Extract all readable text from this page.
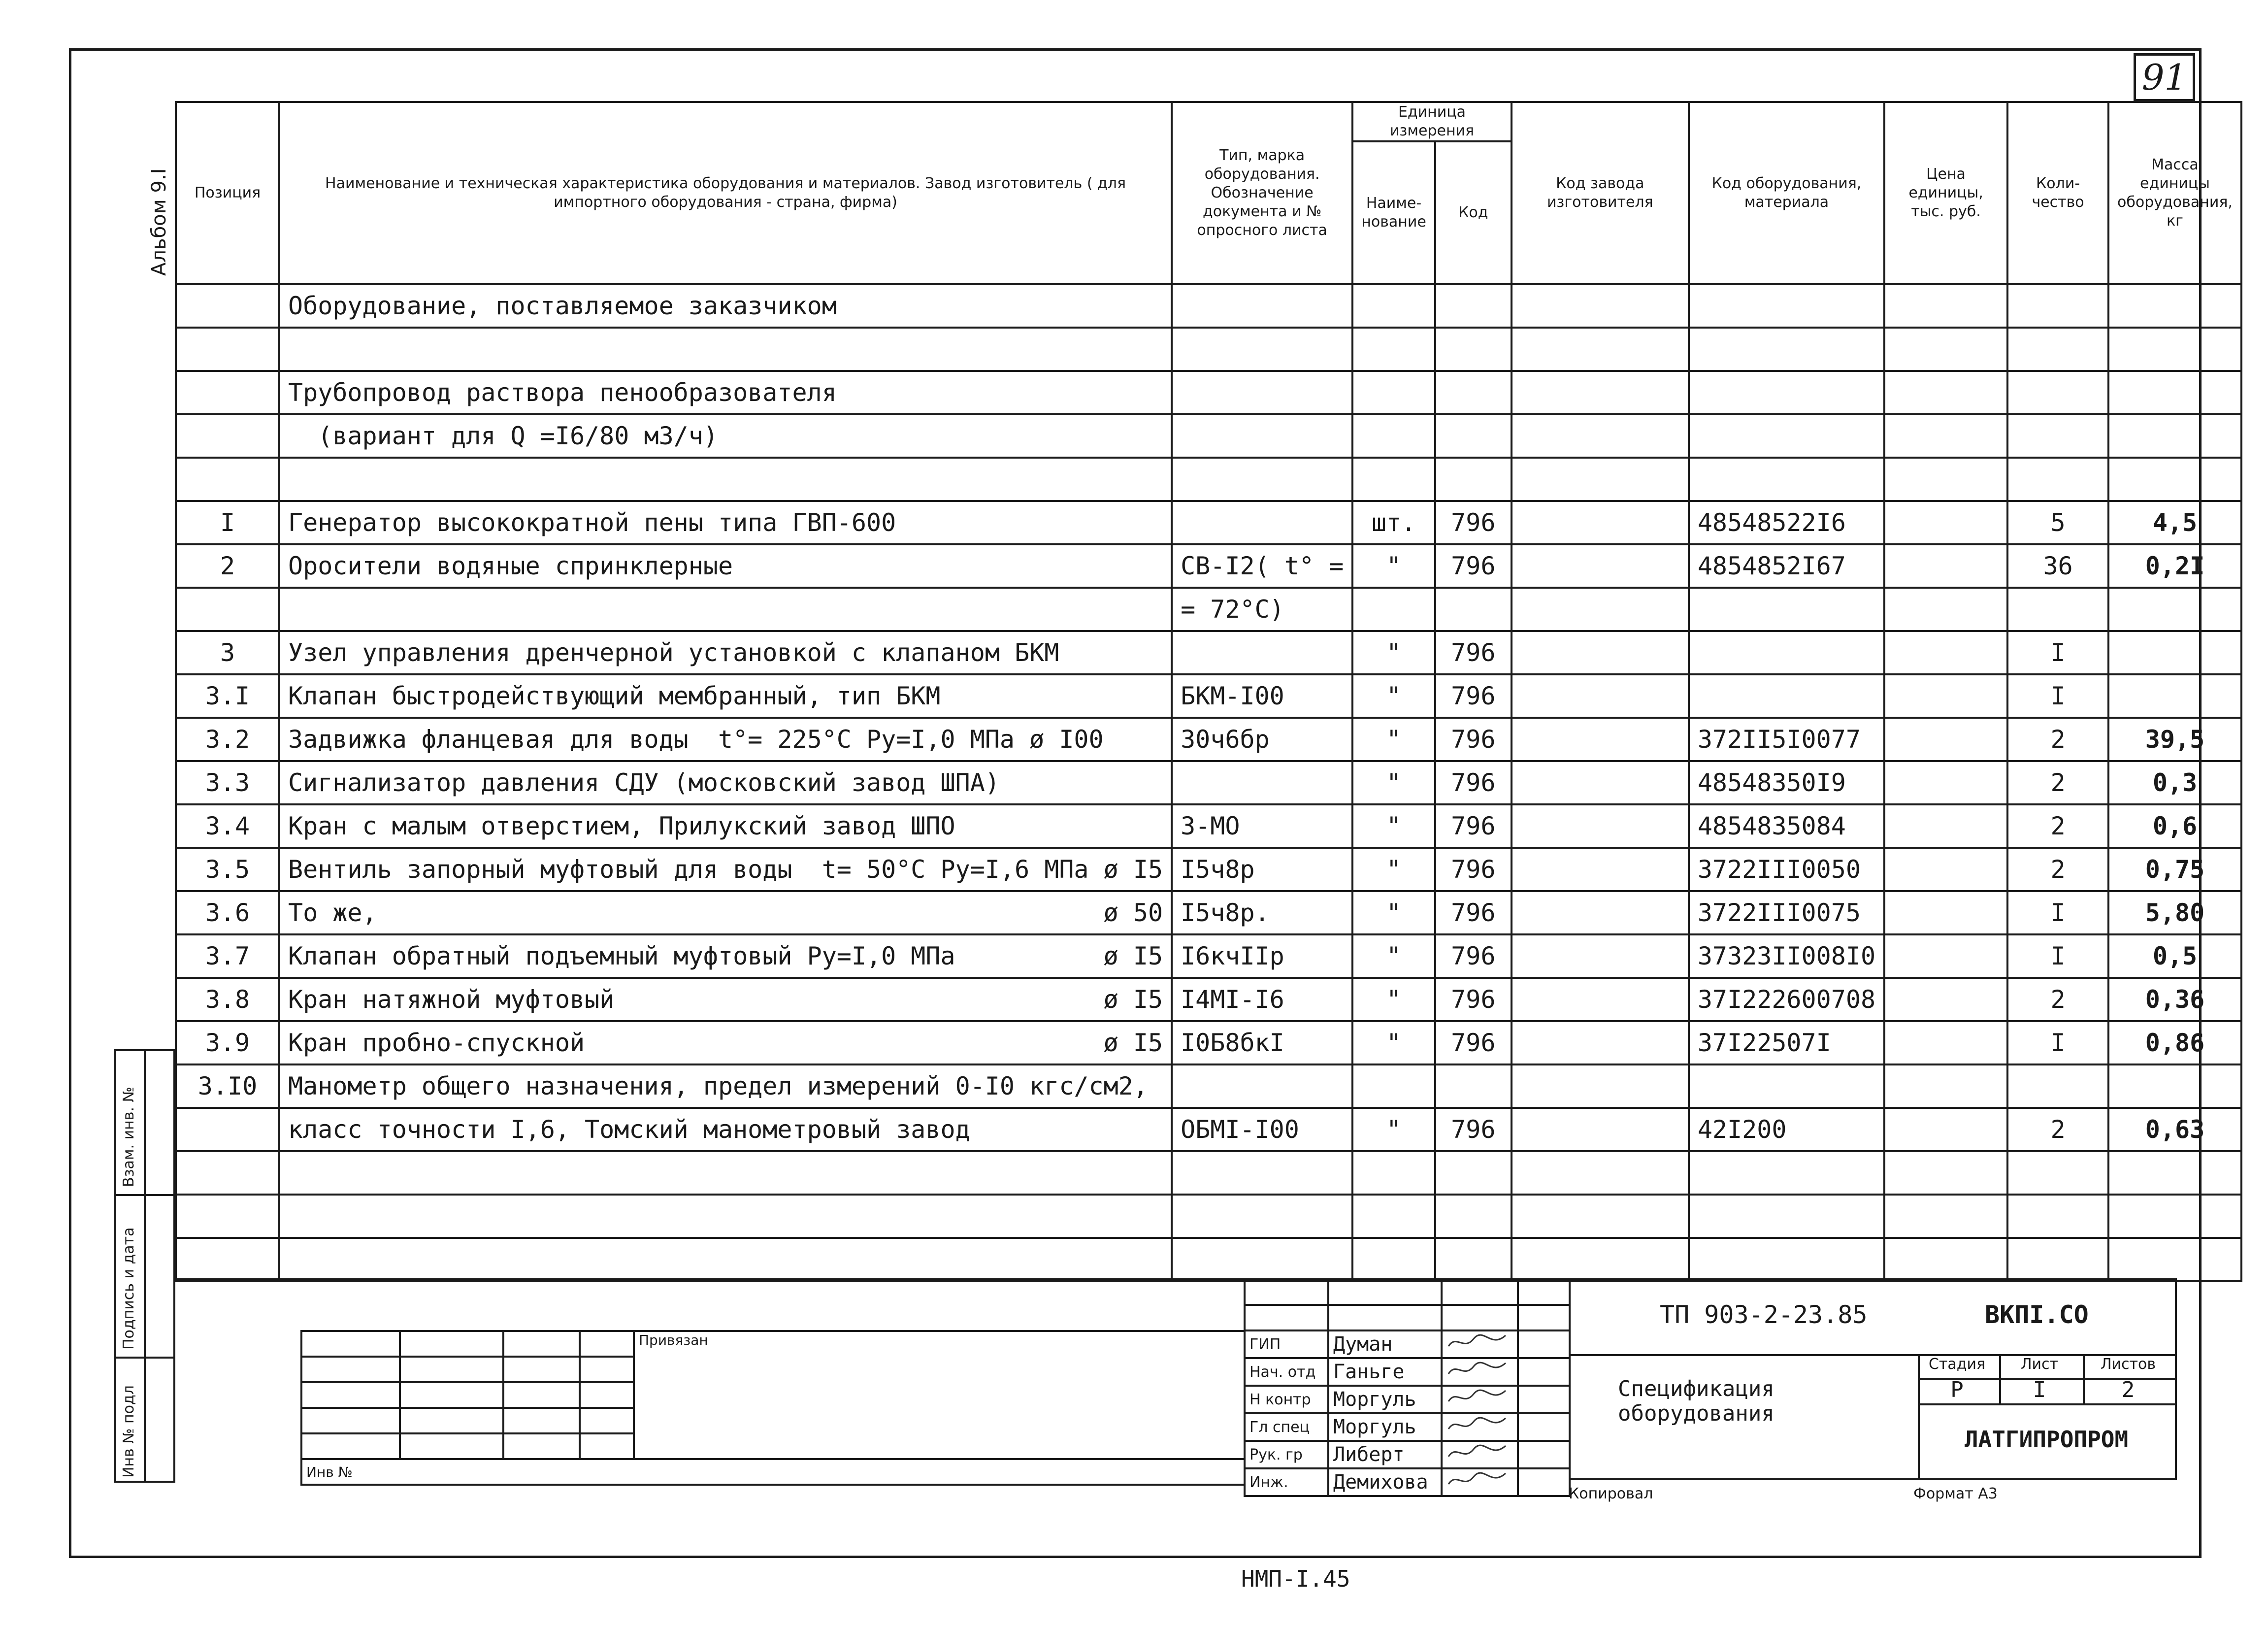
91
Альбом 9.I
Взам. инв. №
Подпись и дата
Инв № подл
Позиция	Наименование и техническая характеристика оборудования и материалов. Завод изготовитель ( для импортного оборудования - страна, фирма)	Тип, марка оборудования. Обозначение документа и № опросного листа	Единица измерения		Код завода изготовителя	Код оборудования, материала	Цена единицы, тыс. руб.	Коли- чество	Масса единицы оборудования, кг
			Наиме- нование	Код					
	Оборудование, поставляемое заказчиком								

	Трубопровод раствора пенообразователя								
	(вариант для Q =I6/80 м3/ч)								

I	Генератор высокократной пены типа ГВП-600		шт.	796		48548522I6		5	4,5
2	Оросители водяные спринклерные	СВ-I2( t° =	"	796		4854852I67		36	0,2I
		= 72°С)							
3	Узел управления дренчерной установкой с клапаном БКМ		"	796				I	
3.I	Клапан быстродействующий мембранный, тип БКМ	БКМ-I00	"	796				I	
3.2	Задвижка фланцевая для воды  t°= 225°С Ру=I,0 МПа ø I00	30ч6бр	"	796		372II5I0077		2	39,5
3.3	Сигнализатор давления СДУ (московский завод ШПА)		"	796		48548350I9		2	0,3
3.4	Кран с малым отверстием, Прилукский завод ШПО	З-МО	"	796		4854835084		2	0,6
3.5	Вентиль запорный муфтовый для воды  t= 50°С Ру=I,6 МПа ø I5	I5ч8р	"	796		3722III0050		2	0,75
3.6	То же, ø 50	I5ч8р.	"	796		3722III0075		I	5,80
3.7	Клапан обратный подъемный муфтовый Ру=I,0 МПа ø I5	I6кчIIр	"	796		37323II008I0		I	0,5
3.8	Кран натяжной муфтовый ø I5	I4МI-I6	"	796		37I222600708		2	0,36
3.9	Кран пробно-спускной ø I5	I0Б8бкI	"	796		37I22507I		I	0,86
3.I0	Манометр общего назначения, предел измерений 0-I0 кгс/см2,								
	класс точности I,6, Томский манометровый завод	ОБМI-I00	"	796		42I200		2	0,63

				Привязан

Инв №				

ГИП	Думан		
Нач. отд	Ганьге		
Н контр	Моргуль		
Гл спец	Моргуль		
Рук. гр	Либерт		
Инж.	Демихова		
ТП 903-2-23.85	ВКПI.СО
Спецификация оборудования
Стадия	Лист	Листов
Р	I	2
ЛАТГИПРОПРОМ
Копировал	Формат А3
НМП-I.45
